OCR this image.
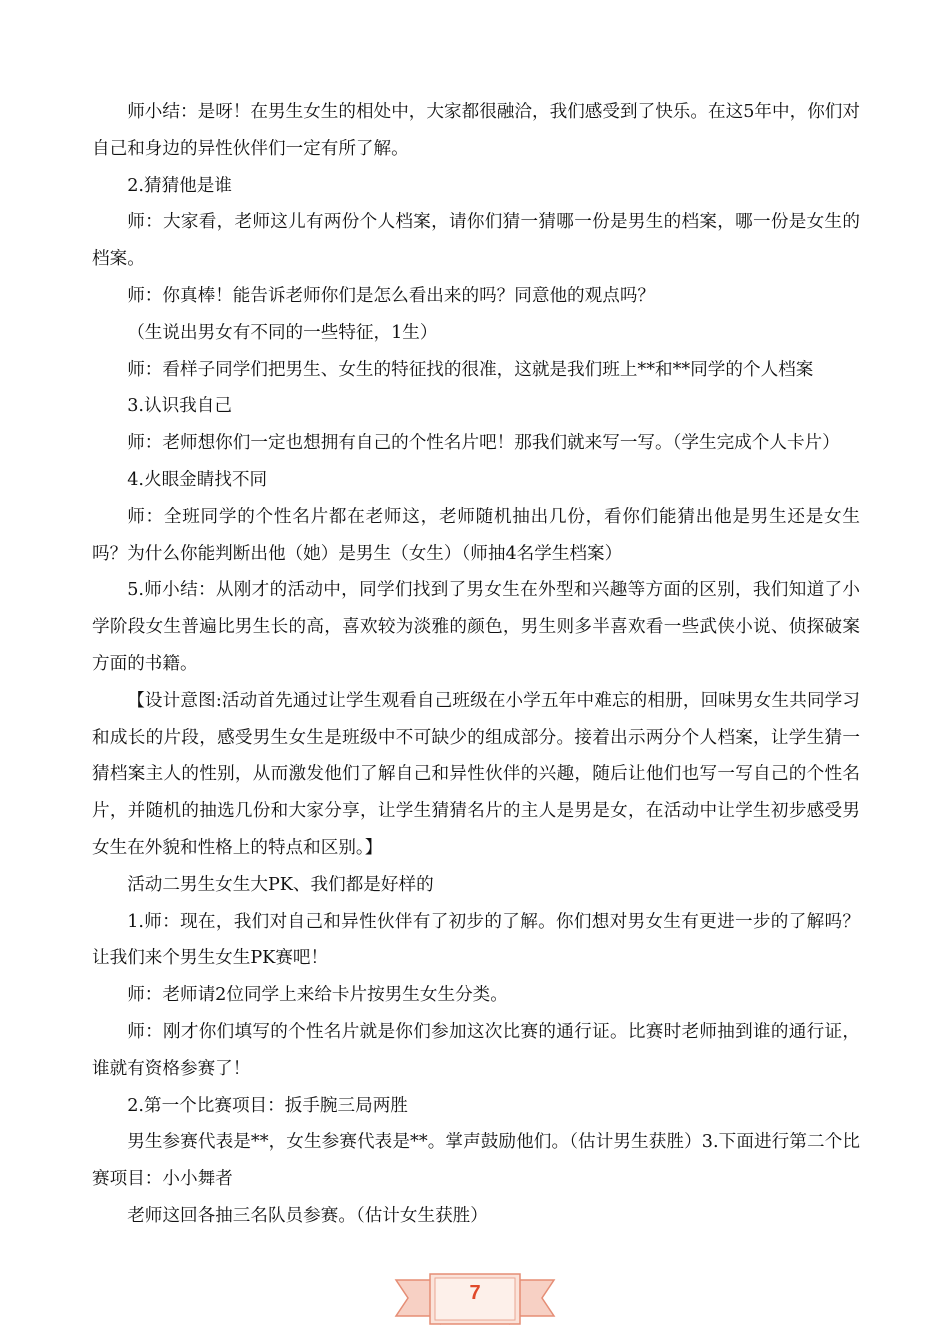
师小结：是呀！在男生女生的相处中，大家都很融洽，我们感受到了快乐。在这5年中，你们对自己和身边的异性伙伴们一定有所了解。

2.猜猜他是谁

师：大家看，老师这儿有两份个人档案，请你们猜一猜哪一份是男生的档案，哪一份是女生的档案。

师：你真棒！能告诉老师你们是怎么看出来的吗？同意他的观点吗？

（生说出男女有不同的一些特征，1生）

师：看样子同学们把男生、女生的特征找的很准，这就是我们班上**和**同学的个人档案

3.认识我自己

师：老师想你们一定也想拥有自己的个性名片吧！那我们就来写一写。（学生完成个人卡片）

4.火眼金睛找不同

师：全班同学的个性名片都在老师这，老师随机抽出几份，看你们能猜出他是男生还是女生吗？为什么你能判断出他（她）是男生（女生）（师抽4名学生档案）

5.师小结：从刚才的活动中，同学们找到了男女生在外型和兴趣等方面的区别，我们知道了小学阶段女生普遍比男生长的高，喜欢较为淡雅的颜色，男生则多半喜欢看一些武侠小说、侦探破案方面的书籍。

【设计意图:活动首先通过让学生观看自己班级在小学五年中难忘的相册，回味男女生共同学习和成长的片段，感受男生女生是班级中不可缺少的组成部分。接着出示两分个人档案，让学生猜一猜档案主人的性别，从而激发他们了解自己和异性伙伴的兴趣，随后让他们也写一写自己的个性名片，并随机的抽选几份和大家分享，让学生猜猜名片的主人是男是女，在活动中让学生初步感受男女生在外貌和性格上的特点和区别。】

活动二男生女生大PK、我们都是好样的

1.师：现在，我们对自己和异性伙伴有了初步的了解。你们想对男女生有更进一步的了解吗？让我们来个男生女生PK赛吧！

师：老师请2位同学上来给卡片按男生女生分类。

师：刚才你们填写的个性名片就是你们参加这次比赛的通行证。比赛时老师抽到谁的通行证，谁就有资格参赛了！

2.第一个比赛项目：扳手腕三局两胜

男生参赛代表是**，女生参赛代表是**。掌声鼓励他们。（估计男生获胜）3.下面进行第二个比赛项目：小小舞者

老师这回各抽三名队员参赛。（估计女生获胜）

7
